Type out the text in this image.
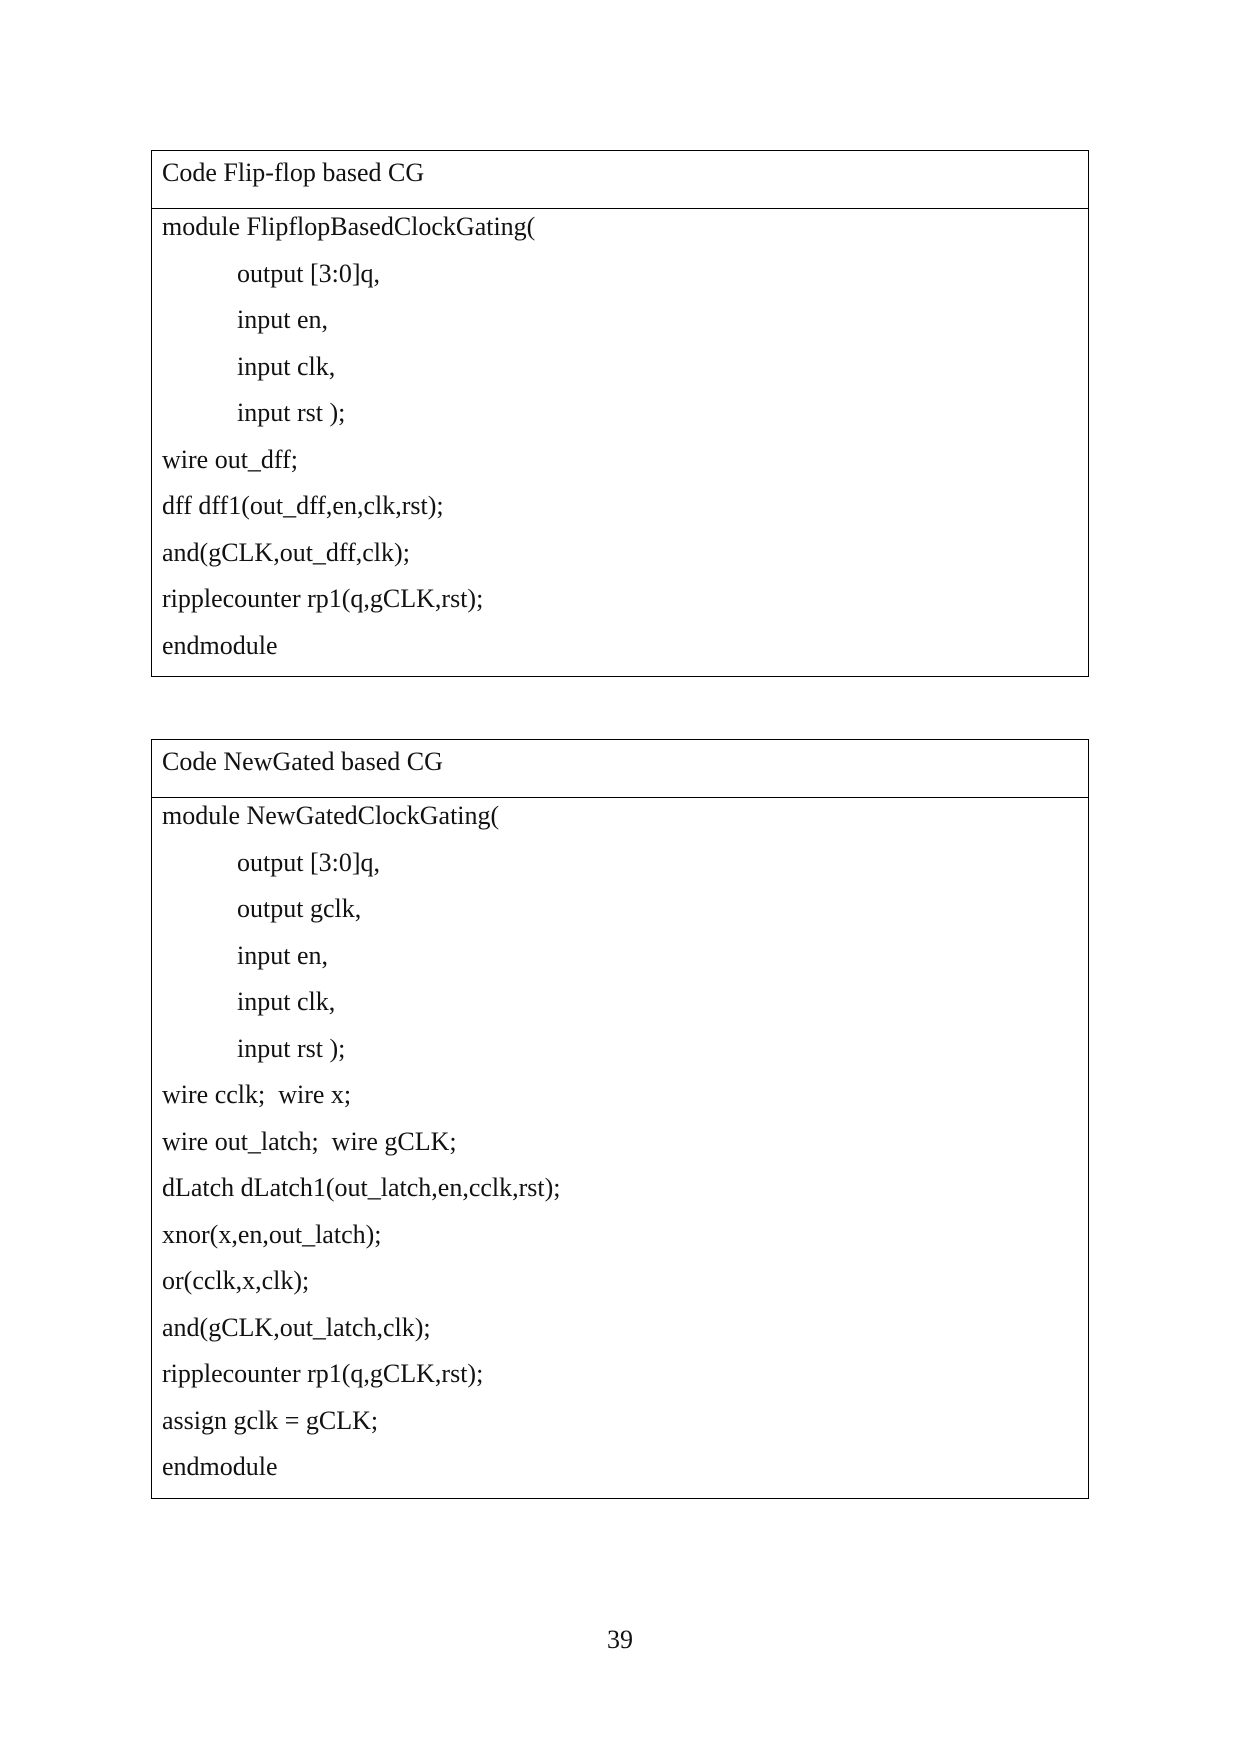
Code Flip-flop based CG
module FlipflopBasedClockGating(
output [3:0]q,
input en,
input clk,
input rst );
wire out_dff;
dff dff1(out_dff,en,clk,rst);
and(gCLK,out_dff,clk);
ripplecounter rp1(q,gCLK,rst);
endmodule
Code NewGated based CG
module NewGatedClockGating(
output [3:0]q,
output gclk,
input en,
input clk,
input rst );
wire cclk;  wire x;
wire out_latch;  wire gCLK;
dLatch dLatch1(out_latch,en,cclk,rst);
xnor(x,en,out_latch);
or(cclk,x,clk);
and(gCLK,out_latch,clk);
ripplecounter rp1(q,gCLK,rst);
assign gclk = gCLK;
endmodule
39
